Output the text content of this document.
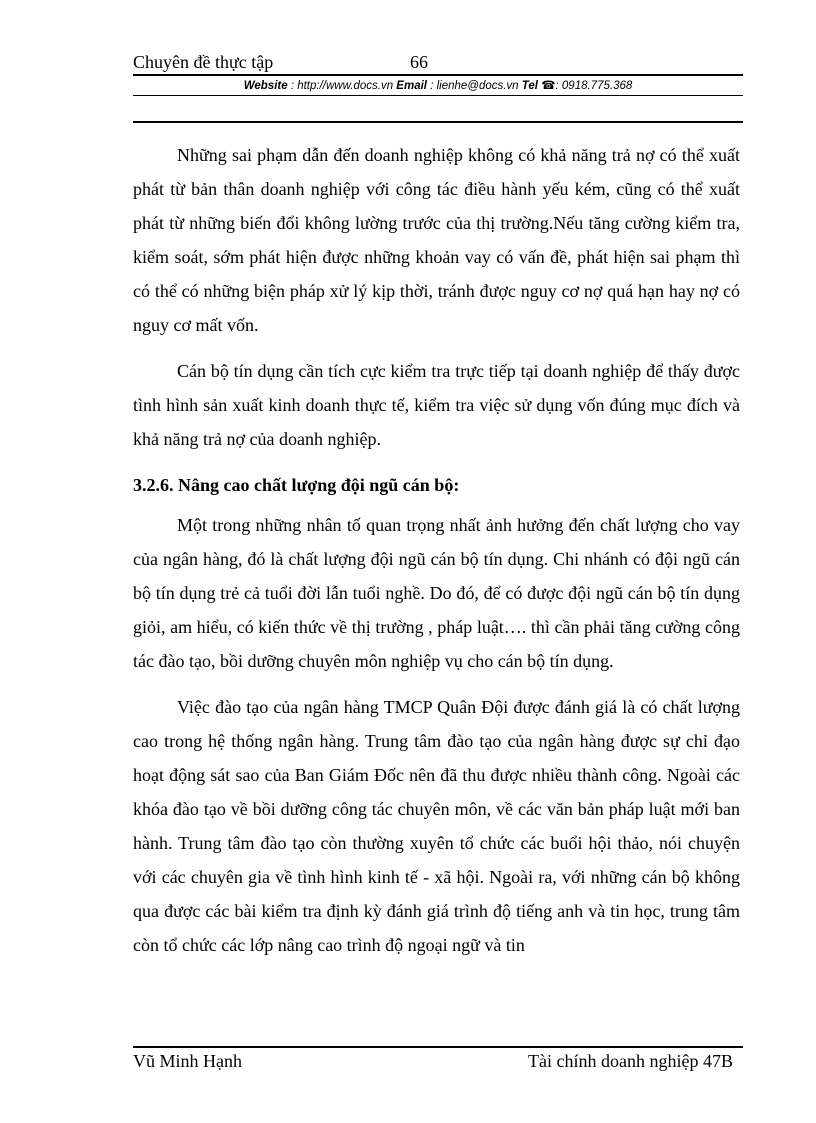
Chuyên đề thực tập	66
Website : http://www.docs.vn Email : lienhe@docs.vn Tel ☎: 0918.775.368

Những sai phạm dẫn đến doanh nghiệp không có khả năng trả nợ có thể xuất phát từ bản thân doanh nghiệp với công tác điều hành yếu kém, cũng có thể xuất phát từ những biến đổi không lường trước của thị trường.Nếu tăng cường kiểm tra, kiểm soát, sớm phát hiện được những khoản vay có vấn đề, phát hiện sai phạm thì có thể có những biện pháp xử lý kịp thời, tránh được nguy cơ nợ quá hạn hay nợ có nguy cơ mất vốn.

Cán bộ tín dụng cần tích cực kiểm tra trực tiếp tại doanh nghiệp để thấy được tình hình sản xuất kinh doanh thực tế, kiểm tra việc sử dụng vốn đúng mục đích và khả năng trả nợ của doanh nghiệp.

3.2.6. Nâng cao chất lượng đội ngũ cán bộ:

Một trong những nhân tố quan trọng nhất ảnh hưởng đến chất lượng cho vay của ngân hàng, đó là chất lượng đội ngũ cán bộ tín dụng. Chi nhánh có đội ngũ cán bộ tín dụng trẻ cả tuổi đời lẫn tuổi nghề. Do đó, để có được đội ngũ cán bộ tín dụng giỏi, am hiểu, có kiến thức về thị trường , pháp luật…. thì cần phải tăng cường công tác đào tạo, bồi dưỡng chuyên môn nghiệp vụ cho cán bộ tín dụng.

Việc đào tạo của ngân hàng TMCP Quân Đội được đánh giá là có chất lượng cao trong hệ thống ngân hàng. Trung tâm đào tạo của ngân hàng được sự chỉ đạo hoạt động sát sao của Ban Giám Đốc nên đã thu được nhiều thành công. Ngoài các khóa đào tạo về bồi dưỡng công tác chuyên môn, về các văn bản pháp luật mới ban hành. Trung tâm đào tạo còn thường xuyên tổ chức các buổi hội thảo, nói chuyện với các chuyên gia về tình hình kinh tế - xã hội. Ngoài ra, với những cán bộ không qua được các bài kiểm tra định kỳ đánh giá trình độ tiếng anh và tin học, trung tâm còn tổ chức các lớp nâng cao trình độ ngoại ngữ và tin

Vũ Minh Hạnh	Tài chính doanh nghiệp 47B
